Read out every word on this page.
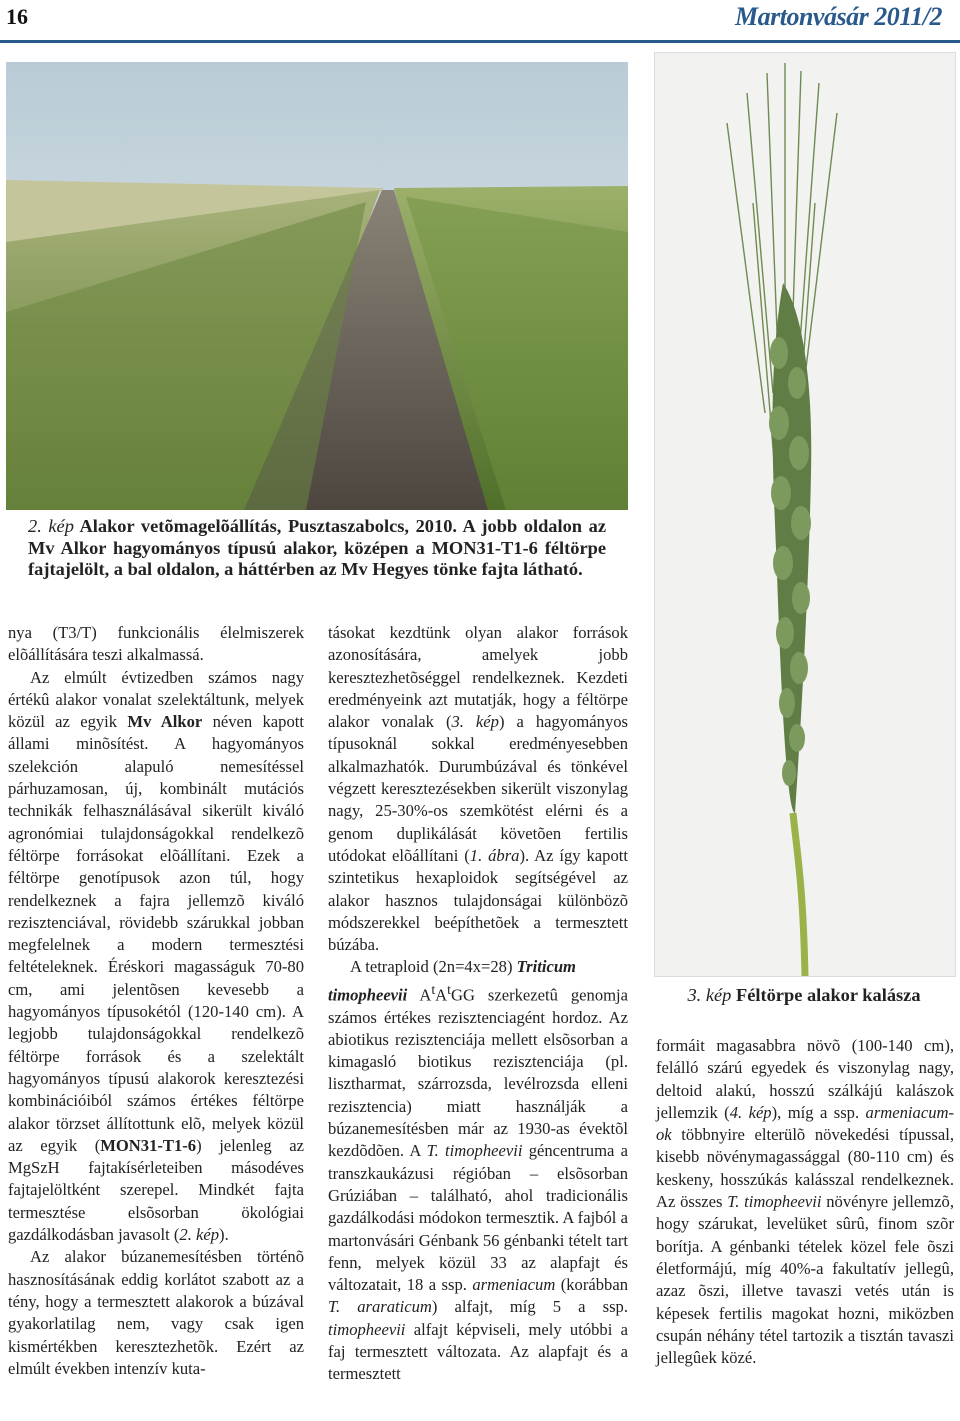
16	Martonvásár 2011/2
2. kép Alakor vetõmagelõállítás, Pusztaszabolcs, 2010. A jobb oldalon az Mv Alkor hagyományos típusú alakor, középen a MON31-T1-6 féltörpe fajtajelölt, a bal oldalon, a háttérben az Mv Hegyes tönke fajta látható.
3. kép Féltörpe alakor kalásza

nya (T3/T) funkcionális élelmiszerek elõállítására teszi alkalmassá.

Az elmúlt évtizedben számos nagy értékû alakor vonalat szelektáltunk, melyek közül az egyik Mv Alkor néven kapott állami minõsítést. A hagyományos szelekción alapuló nemesítéssel párhuzamosan, új, kombinált mutációs technikák felhasználásával sikerült kiváló agronómiai tulajdonságokkal rendelkezõ féltörpe forrásokat elõállítani. Ezek a féltörpe genotípusok azon túl, hogy rendelkeznek a fajra jellemzõ kiváló rezisztenciával, rövidebb szárukkal jobban megfelelnek a modern termesztési feltételeknek. Éréskori magasságuk 70-80 cm, ami jelentõsen kevesebb a hagyományos típusokétól (120-140 cm). A legjobb tulajdonságokkal rendelkezõ féltörpe források és a szelektált hagyományos típusú alakorok keresztezési kombinációiból számos értékes féltörpe alakor törzset állítottunk elõ, melyek közül az egyik (MON31-T1-6) jelenleg az MgSzH fajtakísérleteiben másodéves fajtajelöltként szerepel. Mindkét fajta termesztése elsõsorban ökológiai gazdálkodásban javasolt (2. kép).

Az alakor búzanemesítésben történõ hasznosításának eddig korlátot szabott az a tény, hogy a termesztett alakorok a búzával gyakorlatilag nem, vagy csak igen kismértékben keresztezhetõk. Ezért az elmúlt években intenzív kuta-

tásokat kezdtünk olyan alakor források azonosítására, amelyek jobb keresztezhetõséggel rendelkeznek. Kezdeti eredményeink azt mutatják, hogy a féltörpe alakor vonalak (3. kép) a hagyományos típusoknál sokkal eredményesebben alkalmazhatók. Durumbúzával és tönkével végzett keresztezésekben sikerült viszonylag nagy, 25-30%-os szemkötést elérni és a genom duplikálását követõen fertilis utódokat elõállítani (1. ábra). Az így kapott szintetikus hexaploidok segítségével az alakor hasznos tulajdonságai különbözõ módszerekkel beépíthetõek a termesztett búzába.

A tetraploid (2n=4x=28) Triticum
timopheevii $A^tA^tGG$ szerkezetû genomja számos értékes rezisztenciagént hordoz. Az abiotikus rezisztenciája mellett elsõsorban a kimagasló biotikus rezisztenciája (pl. lisztharmat, szárrozsda, levélrozsda elleni rezisztencia) miatt használják a búzanemesítésben már az 1930-as évektõl kezdõdõen. A T. timopheevii géncentruma a transzkaukázusi régióban – elsõsorban Grúziában – található, ahol tradicionális gazdálkodási módokon termesztik. A fajból a martonvásári Génbank 56 génbanki tételt tart fenn, melyek közül 33 az alapfajt és változatait, 18 a ssp. armeniacum (korábban T. araraticum) alfajt, míg 5 a ssp. timopheevii alfajt képviseli, mely utóbbi a faj termesztett változata. Az alapfajt és a termesztett

formáit magasabbra növõ (100-140 cm), felálló szárú egyedek és viszonylag nagy, deltoid alakú, hosszú szálkájú kalászok jellemzik (4. kép), míg a ssp. armeniacum-ok többnyire elterülõ növekedési típussal, kisebb növénymagassággal (80-110 cm) és keskeny, hosszúkás kalásszal rendelkeznek. Az összes T. timopheevii növényre jellemzõ, hogy szárukat, levelüket sûrû, finom szõr borítja. A génbanki tételek közel fele õszi életformájú, míg 40%-a fakultatív jellegû, azaz õszi, illetve tavaszi vetés után is képesek fertilis magokat hozni, miközben csupán néhány tétel tartozik a tisztán tavaszi jellegûek közé.
